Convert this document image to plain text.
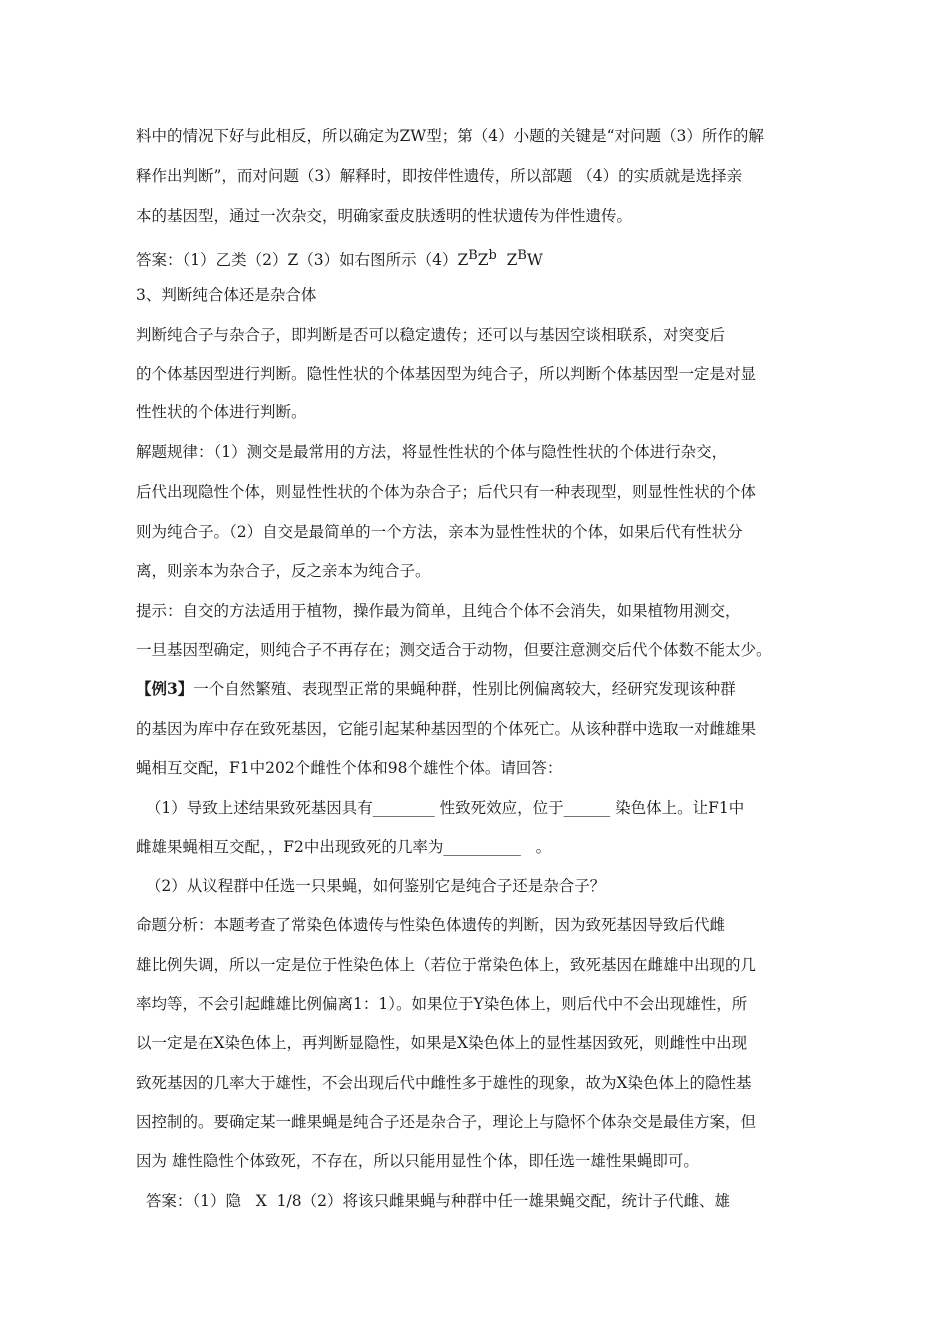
料中的情况下好与此相反，所以确定为ZW型；第（4）小题的关键是“对问题（3）所作的解
释作出判断”，而对问题（3）解释时，即按伴性遗传，所以部题 （4）的实质就是选择亲
本的基因型，通过一次杂交，明确家蚕皮肤透明的性状遗传为伴性遗传。
答案：（1）乙类（2）Z（3）如右图所示$(4)Z^BZ^b$  $Z^BW$
3、判断纯合体还是杂合体
判断纯合子与杂合子，即判断是否可以稳定遗传；还可以与基因空谈相联系，对突变后
的个体基因型进行判断。隐性性状的个体基因型为纯合子，所以判断个体基因型一定是对显
性性状的个体进行判断。
解题规律：（1）测交是最常用的方法，将显性性状的个体与隐性性状的个体进行杂交，
后代出现隐性个体，则显性性状的个体为杂合子；后代只有一种表现型，则显性性状的个体
则为纯合子。（2）自交是最简单的一个方法，亲本为显性性状的个体，如果后代有性状分
离，则亲本为杂合子，反之亲本为纯合子。
提示：自交的方法适用于植物，操作最为简单，且纯合个体不会消失，如果植物用测交，
一旦基因型确定，则纯合子不再存在；测交适合于动物，但要注意测交后代个体数不能太少。
【例3】一个自然繁殖、表现型正常的果蝇种群，性别比例偏离较大，经研究发现该种群
的基因为库中存在致死基因，它能引起某种基因型的个体死亡。从该种群中选取一对雌雄果
蝇相互交配，F1中202个雌性个体和98个雄性个体。请回答：
（1）导致上述结果致死基因具有________ 性致死效应，位于______ 染色体上。让F1中
雌雄果蝇相互交配，，F2中出现致死的几率为__________   。
（2）从议程群中任选一只果蝇，如何鉴别它是纯合子还是杂合子？
命题分析：本题考查了常染色体遗传与性染色体遗传的判断，因为致死基因导致后代雌
雄比例失调，所以一定是位于性染色体上（若位于常染色体上，致死基因在雌雄中出现的几
率均等，不会引起雌雄比例偏离1：1）。如果位于Y染色体上，则后代中不会出现雄性，所
以一定是在X染色体上，再判断显隐性，如果是X染色体上的显性基因致死，则雌性中出现
致死基因的几率大于雄性，不会出现后代中雌性多于雄性的现象，故为X染色体上的隐性基
因控制的。要确定某一雌果蝇是纯合子还是杂合子，理论上与隐怀个体杂交是最佳方案，但
因为 雄性隐性个体致死，不存在，所以只能用显性个体，即任选一雄性果蝇即可。
答案：（1）隐   X  1/8（2）将该只雌果蝇与种群中任一雄果蝇交配，统计子代雌、雄
